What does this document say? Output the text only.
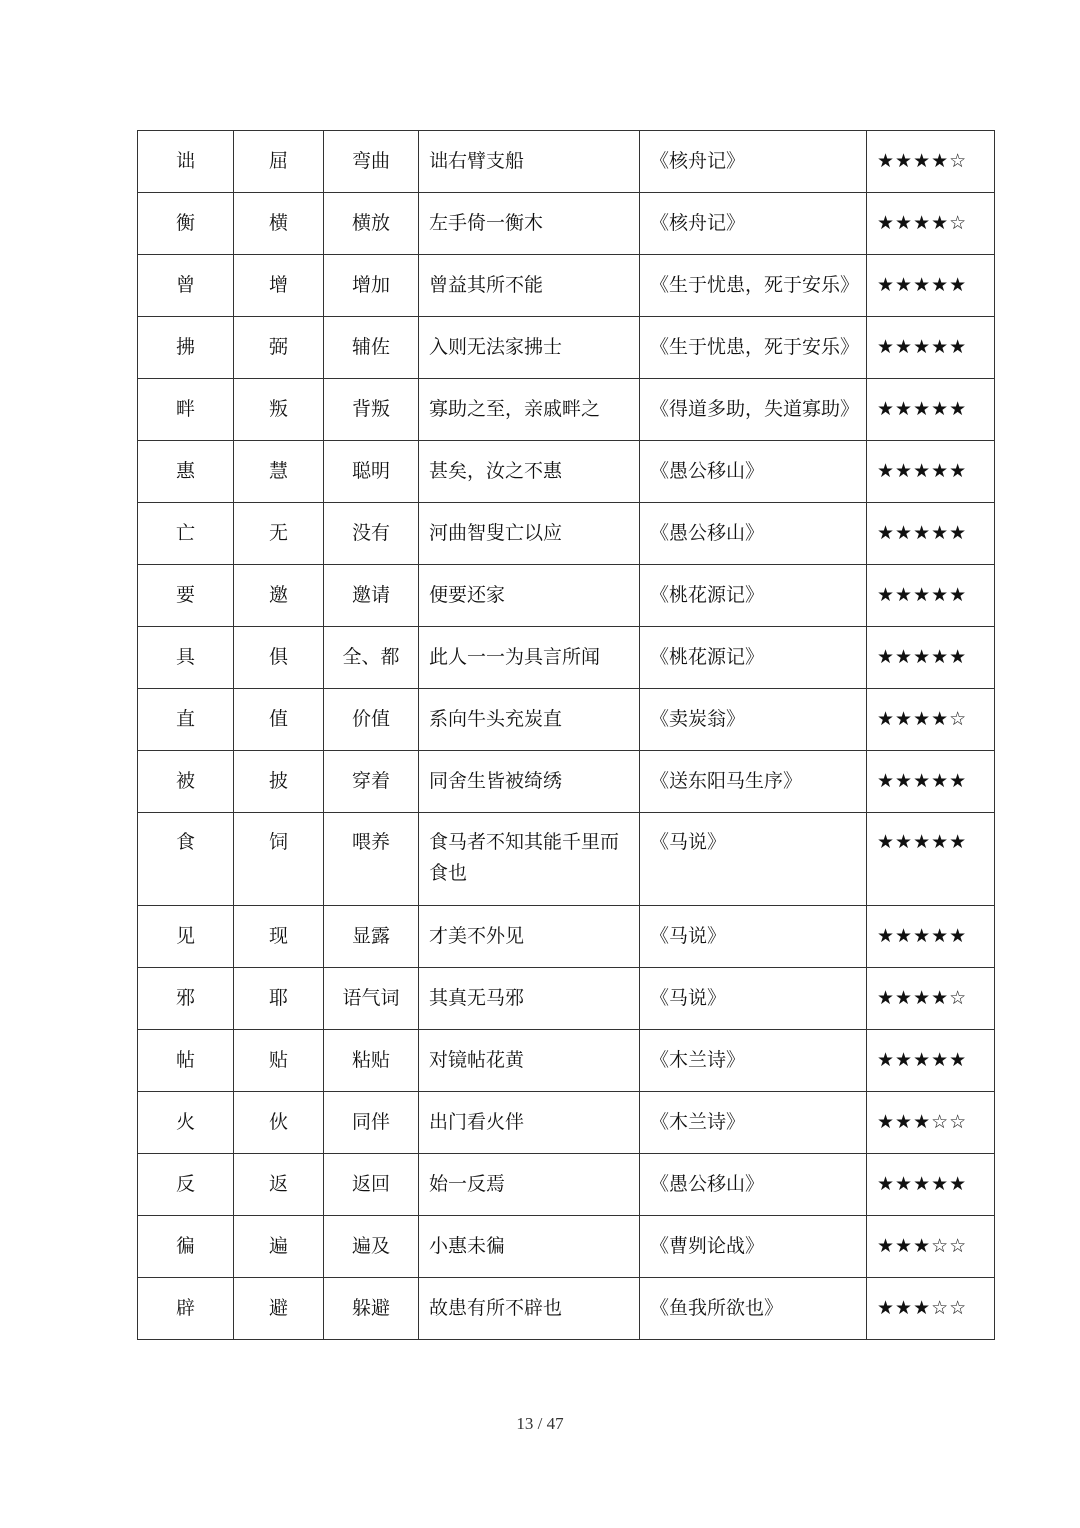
诎	屈	弯曲	诎右臂支船	《核舟记》	★★★★☆
衡	横	横放	左手倚一衡木	《核舟记》	★★★★☆
曾	增	增加	曾益其所不能	《生于忧患，死于安乐》	★★★★★
拂	弼	辅佐	入则无法家拂士	《生于忧患，死于安乐》	★★★★★
畔	叛	背叛	寡助之至，亲戚畔之	《得道多助，失道寡助》	★★★★★
惠	慧	聪明	甚矣，汝之不惠	《愚公移山》	★★★★★
亡	无	没有	河曲智叟亡以应	《愚公移山》	★★★★★
要	邀	邀请	便要还家	《桃花源记》	★★★★★
具	俱	全、都	此人一一为具言所闻	《桃花源记》	★★★★★
直	值	价值	系向牛头充炭直	《卖炭翁》	★★★★☆
被	披	穿着	同舍生皆被绮绣	《送东阳马生序》	★★★★★
食	饲	喂养	食马者不知其能千里而食也	《马说》	★★★★★
见	现	显露	才美不外见	《马说》	★★★★★
邪	耶	语气词	其真无马邪	《马说》	★★★★☆
帖	贴	粘贴	对镜帖花黄	《木兰诗》	★★★★★
火	伙	同伴	出门看火伴	《木兰诗》	★★★☆☆
反	返	返回	始一反焉	《愚公移山》	★★★★★
徧	遍	遍及	小惠未徧	《曹刿论战》	★★★☆☆
辟	避	躲避	故患有所不辟也	《鱼我所欲也》	★★★☆☆
13 / 47
